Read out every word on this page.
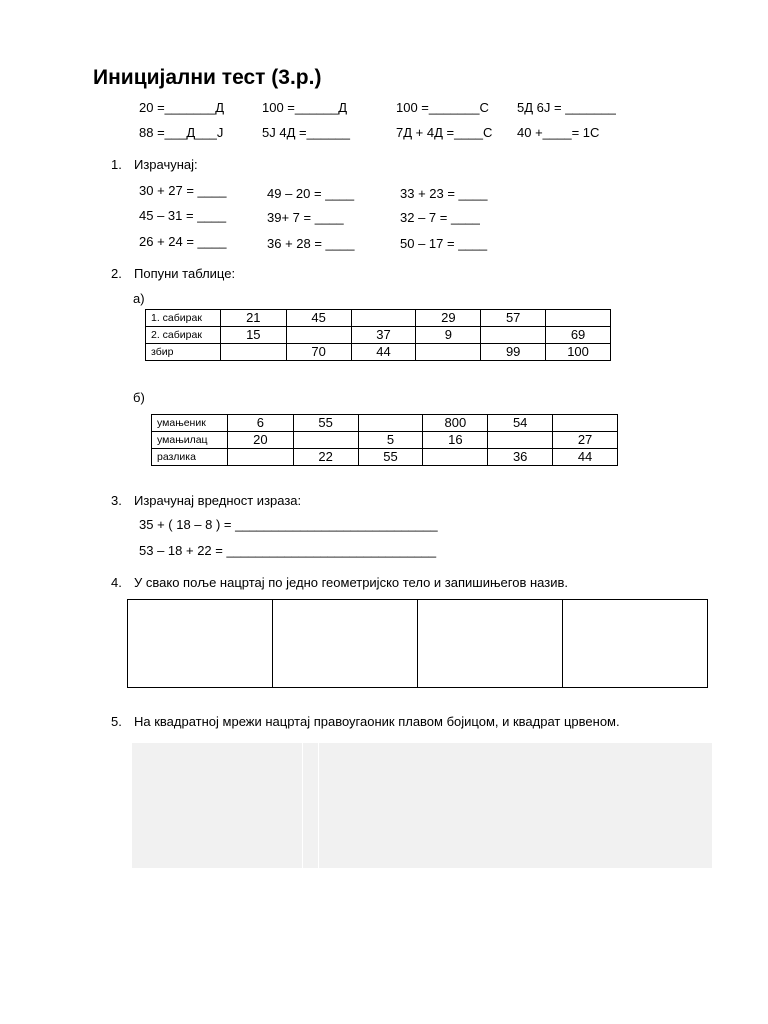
Иницијални тест (3.р.)
20 =_______Д	100 =______Д	100 =_______С 5Д 6Ј = _______
88 =___Д___Ј	5Ј 4Д =______	7Д + 4Д =____С 40 +____= 1С
1. Израчунај:
30 + 27 = ____	49 – 20 = ____	33 + 23 = ____
45 – 31 = ____	39+ 7 = ____	32 – 7 = ____
26 + 24 = ____	36 + 28 = ____	50 – 17 = ____
2. Попуни таблице:
а)
1. сабирак	21	45		29	57	
2. сабирак	15		37	9		69
збир		70	44		99	100
б)
умањеник	6	55		800	54	
умањилац	20		5	16		27
разлика		22	55		36	44
3. Израчунај вредност израза:
35 + ( 18 – 8 ) = ____________________________
53 – 18 + 22 = _____________________________
4. У свако поље нацртај по једно геометријско тело и запишињегов назив.
5. На квадратној мрежи нацртај правоугаоник плавом бојицом, и квадрат црвеном.
